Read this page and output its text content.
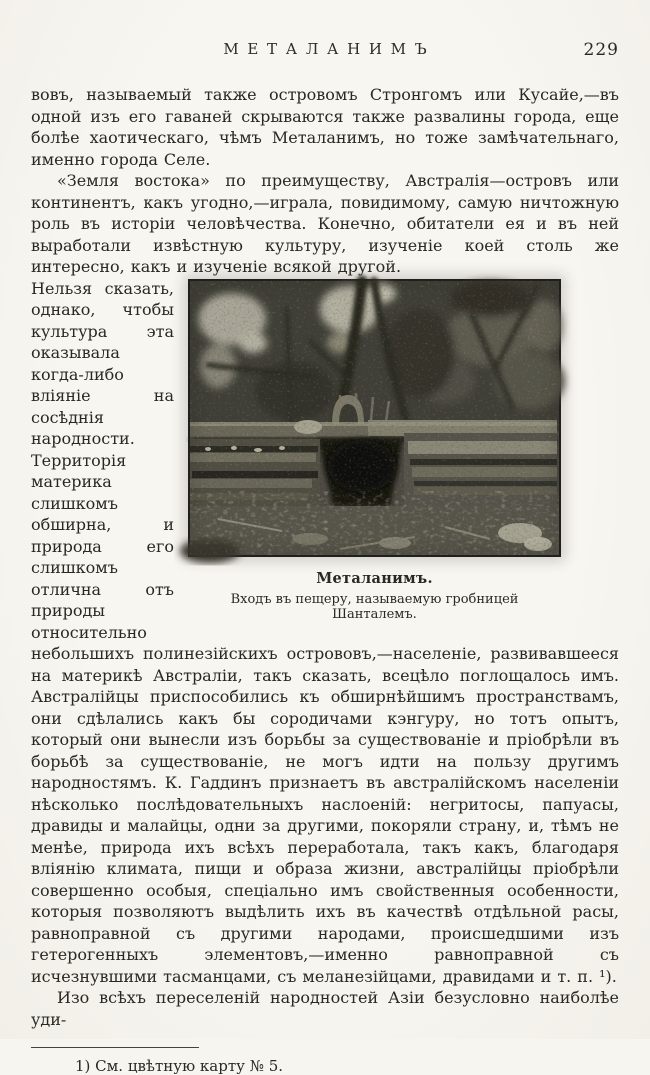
МЕТАЛАНИМЪ	229

вовъ, называемый также островомъ Стронгомъ или Кусайе,—въ одной изъ его гаваней скрываются также развалины города, еще болѣе хаотическаго, чѣмъ Металанимъ, но тоже замѣчательнаго, именно города Селе.

«Земля востока» по преимуществу, Австралія—островъ или континентъ, какъ угодно,—играла, повидимому, самую ничтожную роль въ исторіи человѣчества. Конечно, обитатели ея и въ ней выработали извѣстную культуру, изученіе коей столь же интересно, какъ и изученіе всякой другой.

Металанимъ.
Входъ въ пещеру, называемую гробницей Шанталемъ.

Нельзя сказать, однако, чтобы культура эта оказывала когда-либо вліяніе на сосѣднія народности. Территорія материка слишкомъ обширна, и природа его слишкомъ отлична отъ природы относительно небольшихъ полинезійскихъ острововъ,—населеніе, развивавшееся на материкѣ Австраліи, такъ сказать, всецѣло поглощалось имъ. Австралійцы приспособились къ обширнѣйшимъ пространствамъ, они сдѣлались какъ бы сородичами кэнгуру, но тотъ опытъ, который они вынесли изъ борьбы за существованіе и пріобрѣли въ борьбѣ за существованіе, не могъ идти на пользу другимъ народностямъ. К. Гаддинъ признаетъ въ австралійскомъ населеніи нѣсколько послѣдовательныхъ наслоеній: негритосы, папуасы, дравиды и малайцы, одни за другими, покоряли страну, и, тѣмъ не менѣе, природа ихъ всѣхъ переработала, такъ какъ, благодаря вліянію климата, пищи и образа жизни, австралійцы пріобрѣли совершенно особыя, спеціально имъ свойственныя особенности, которыя позволяютъ выдѣлить ихъ въ качествѣ отдѣльной расы, равноправной съ другими народами, происшедшими изъ гетерогенныхъ элементовъ,—именно равноправной съ исчезнувшими тасманцами, съ меланезійцами, дравидами и т. п. ¹).

Изо всѣхъ переселеній народностей Азіи безусловно наиболѣе уди-

1) См. цвѣтную карту № 5.
